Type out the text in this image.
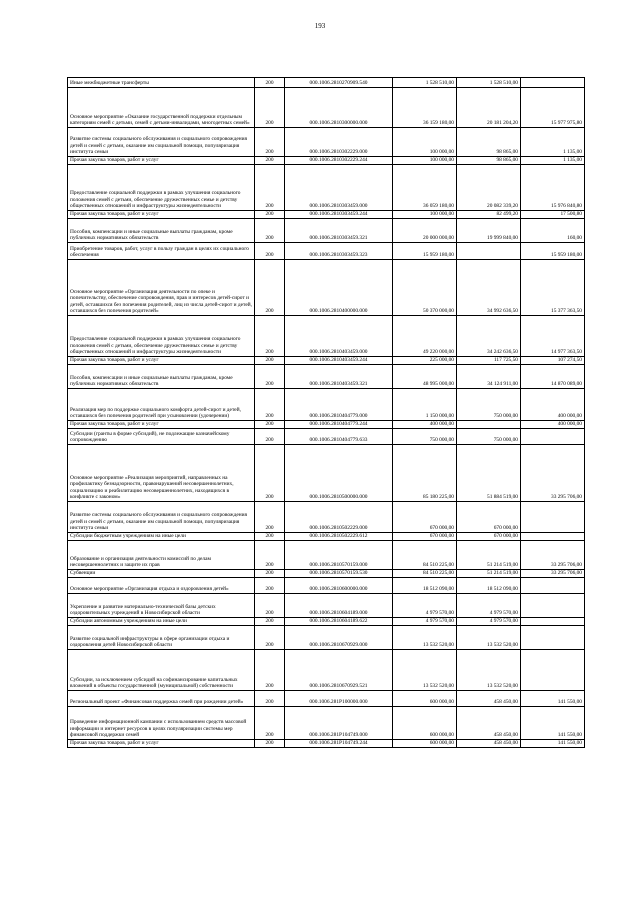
193
Иные межбюджетные трансферты	200	000.1006.2810270909.540	1 528 510,00	1 528 510,00	
Основное мероприятие «Оказание государственной поддержки отдельным категориям семей с детьми, семей с детьми-инвалидами, многодетных семей»	200	000.1006.2810300000.000	36 159 180,00	20 181 204,20	15 977 975,80
Развитие системы социального обслуживания и социального сопровождения детей и семей с детьми, оказание им социальной помощи, популяризация института семьи	200	000.1006.2810302229.000	100 000,00	98 865,00	1 135,00
Прочая закупка товаров, работ и услуг	200	000.1006.2810302229.244	100 000,00	98 865,00	1 135,00
Предоставление социальной поддержки в рамках улучшения социального положения семей с детьми, обеспечение дружественных семье и детству общественных отношений и инфраструктуры жизнедеятельности	200	000.1006.281030З459.000	36 059 180,00	20 082 339,20	15 976 840,80
Прочая закупка товаров, работ и услуг	200	000.1006.281030З459.244	100 000,00	82 499,20	17 500,80
Пособия, компенсации и иные социальные выплаты гражданам, кроме публичных нормативных обязательств	200	000.1006.281030З459.321	20 000 000,00	19 999 840,00	160,00
Приобретение товаров, работ, услуг в пользу граждан в целях их социального обеспечения	200	000.1006.281030З459.323	15 959 180,00		15 959 180,00
Основное мероприятие «Организация деятельности по опеке и попечительству, обеспечение сопровождения, прав и интересов детей-сирот и детей, оставшихся без попечения родителей, лиц из числа детей-сирот и детей, оставшихся без попечения родителей»	200	000.1006.2810400000.000	50 370 000,00	34 992 636,50	15 377 363,50
Предоставление социальной поддержки в рамках улучшения социального положения семей с детьми, обеспечение дружественных семье и детству общественных отношений и инфраструктуры жизнедеятельности	200	000.1006.2810403459.000	49 220 000,00	34 242 636,50	14 977 363,50
Прочая закупка товаров, работ и услуг	200	000.1006.2810403459.244	225 000,00	117 725,50	107 274,50
Пособия, компенсации и иные социальные выплаты гражданам, кроме публичных нормативных обязательств	200	000.1006.2810403459.321	48 995 000,00	34 124 911,00	14 870 089,00
Реализация мер по поддержке социального комфорта детей-сирот и детей, оставшихся без попечения родителей при усыновлении (удочерении)	200	000.1006.2810404779.000	1 150 000,00	750 000,00	400 000,00
Прочая закупка товаров, работ и услуг	200	000.1006.2810404779.244	400 000,00		400 000,00
Субсидии (гранты в форме субсидий), не подлежащие казначейскому сопровождению	200	000.1006.2810404779.633	750 000,00	750 000,00	
Основное мероприятие «Реализация мероприятий, направленных на профилактику безнадзорности, правонарушений несовершеннолетних, социализацию и реабилитацию несовершеннолетних, находящихся в конфликте с законом»	200	000.1006.2810500000.000	85 180 225,00	51 884 519,00	33 295 706,00
Развитие системы социального обслуживания и социального сопровождения детей и семей с детьми, оказание им социальной помощи, популяризация института семьи	200	000.1006.2810502229.000	670 000,00	670 000,00	
Субсидии бюджетным учреждениям на иные цели	200	000.1006.2810502229.612	670 000,00	670 000,00	
Образование и организация деятельности комиссий по делам несовершеннолетних и защите их прав	200	000.1006.2810570159.000	84 510 225,00	51 214 519,00	33 295 706,00
Субвенции	200	000.1006.2810570159.530	84 510 225,00	51 214 519,00	33 295 706,00
Основное мероприятие «Организация отдыха и оздоровления детей»	200	000.1006.2810600000.000	18 512 090,00	18 512 090,00	
Укрепление и развитие материально-технической базы детских оздоровительных учреждений в Новосибирской области	200	000.1006.2810604189.000	4 979 570,00	4 979 570,00	
Субсидии автономным учреждениям на иные цели	200	000.1006.2810604189.622	4 979 570,00	4 979 570,00	
Развитие социальной инфраструктуры в сфере организации отдыха и оздоровления детей Новосибирской области	200	000.1006.2810670929.000	13 532 520,00	13 532 520,00	
Субсидии, за исключением субсидий на софинансирование капитальных вложений в объекты государственной (муниципальной) собственности	200	000.1006.2810670929.521	13 532 520,00	13 532 520,00	
Региональный проект «Финансовая поддержка семей при рождении детей»	200	000.1006.281P100000.000	600 000,00	458 450,00	141 550,00
Проведение информационной кампании с использованием средств массовой информации и интернет ресурсов в целях популяризации системы мер финансовой поддержки семей	200	000.1006.281P104749.000	600 000,00	458 450,00	141 550,00
Прочая закупка товаров, работ и услуг	200	000.1006.281P104749.244	600 000,00	458 450,00	141 550,00
